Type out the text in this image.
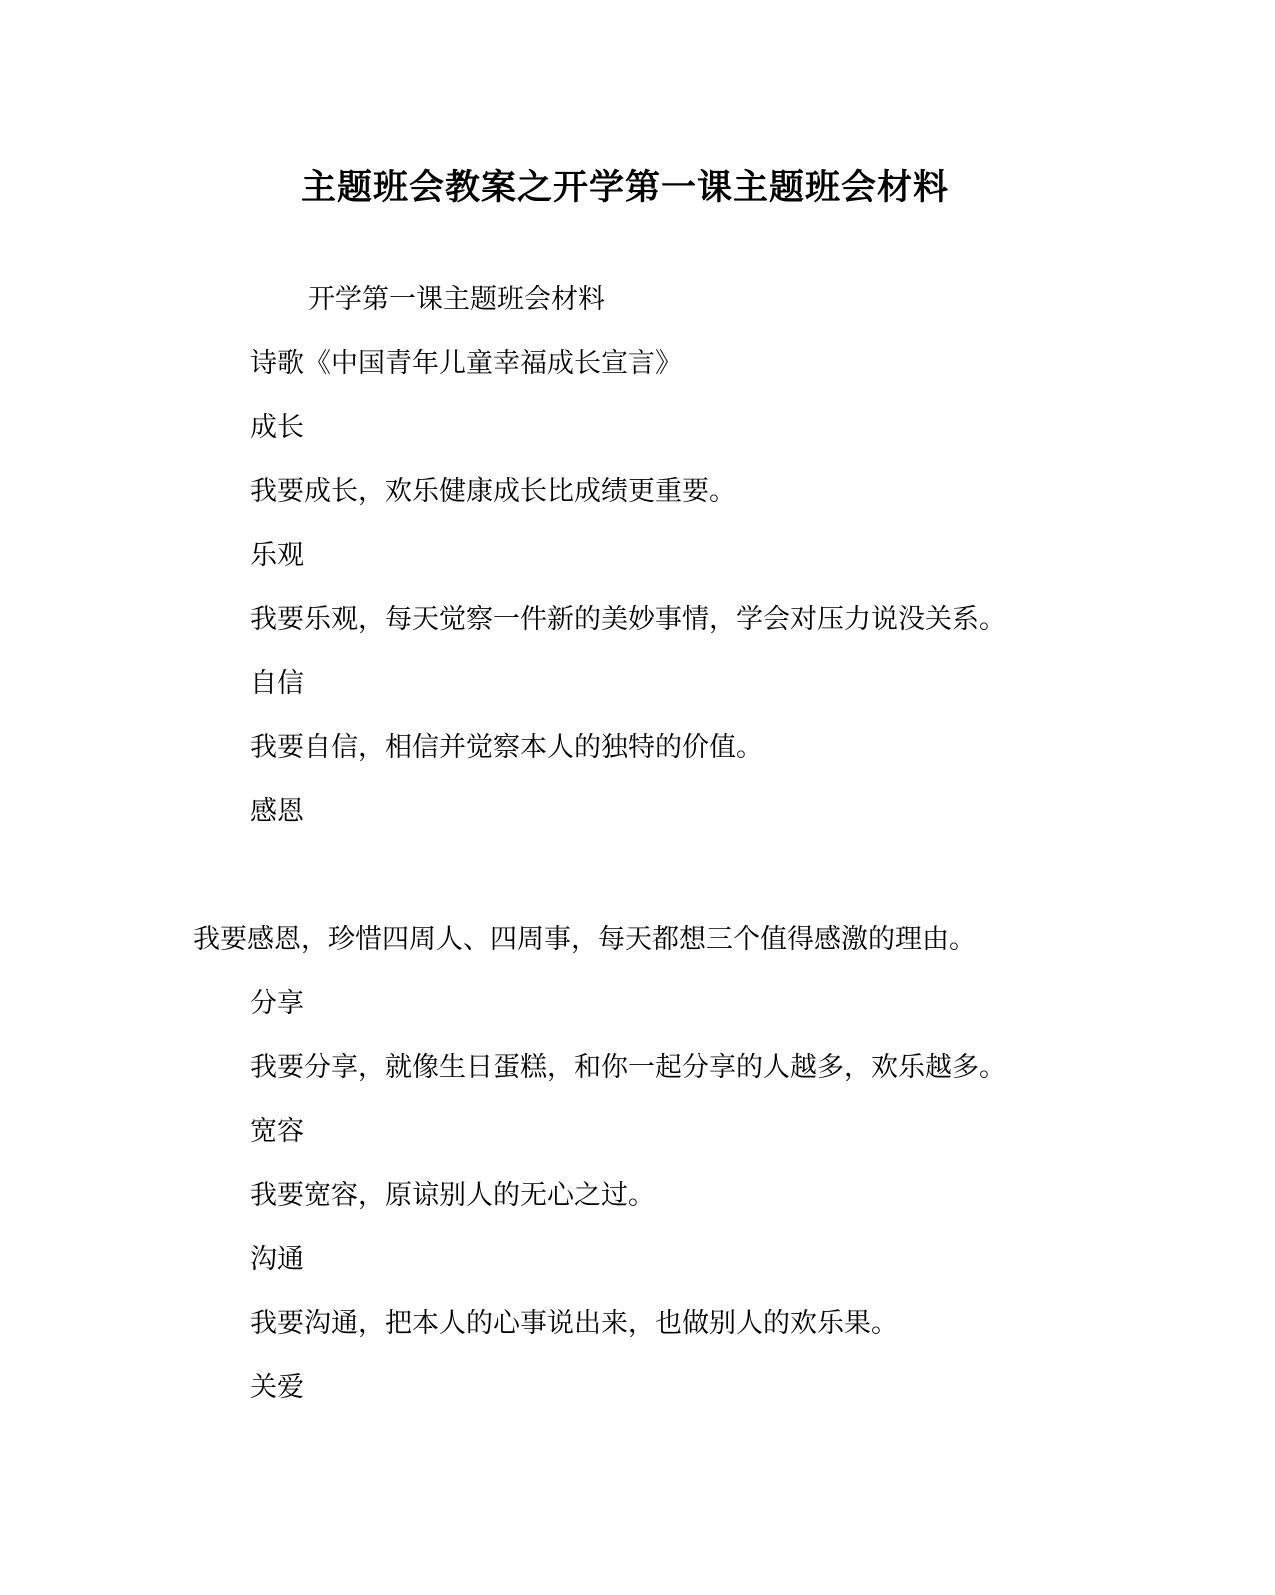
主题班会教案之开学第一课主题班会材料
开学第一课主题班会材料
诗歌《中国青年儿童幸福成长宣言》
成长
我要成长，欢乐健康成长比成绩更重要。
乐观
我要乐观，每天觉察一件新的美妙事情，学会对压力说没关系。
自信
我要自信，相信并觉察本人的独特的价值。
感恩
我要感恩，珍惜四周人、四周事，每天都想三个值得感激的理由。
分享
我要分享，就像生日蛋糕，和你一起分享的人越多，欢乐越多。
宽容
我要宽容，原谅别人的无心之过。
沟通
我要沟通，把本人的心事说出来，也做别人的欢乐果。
关爱
